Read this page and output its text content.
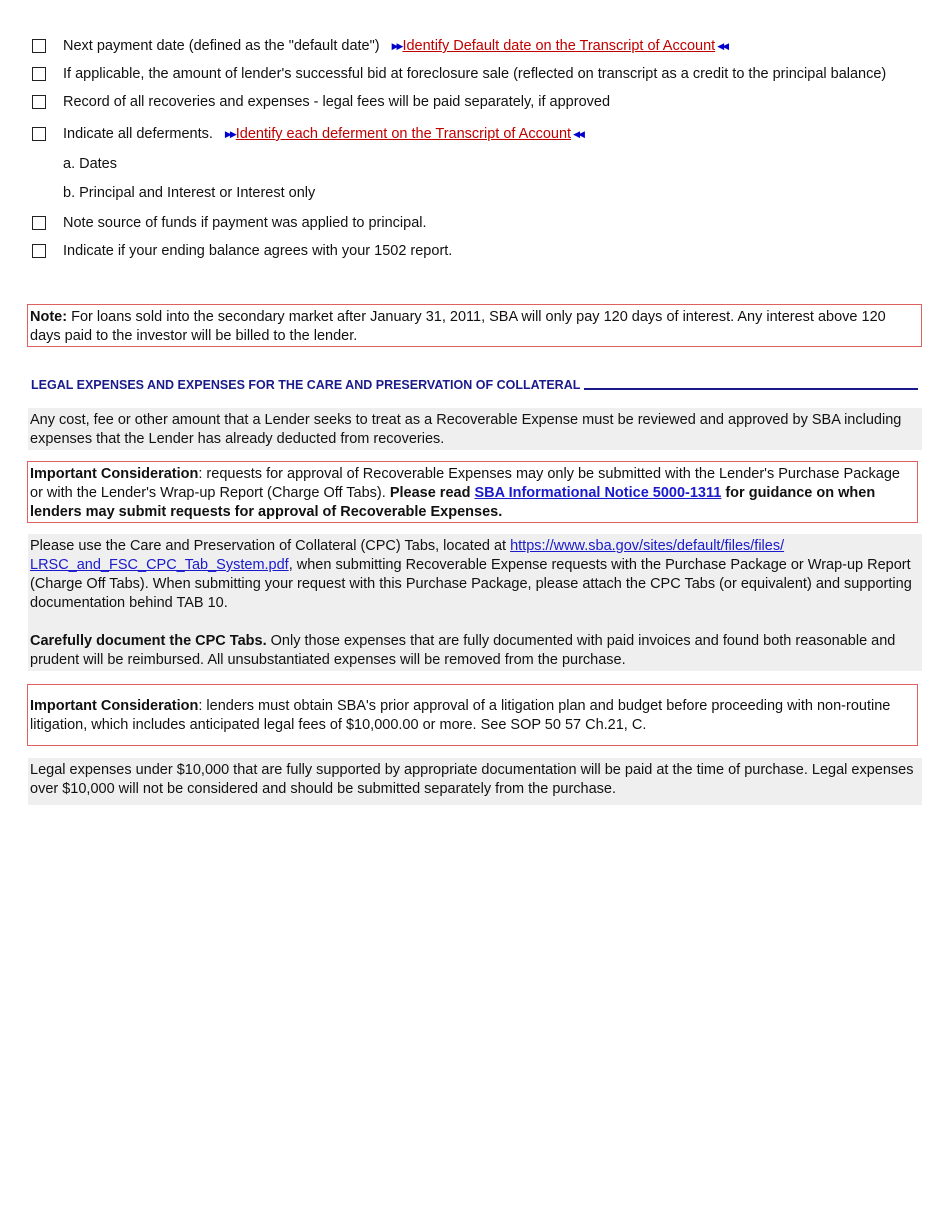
Next payment date (defined as the "default date") ▶▶ Identify Default date on the Transcript of Account ◀◀
If applicable, the amount of lender's successful bid at foreclosure sale (reflected on transcript as a credit to the principal balance)
Record of all recoveries and expenses - legal fees will be paid separately, if approved
Indicate all deferments. ▶▶ Identify each deferment on the Transcript of Account ◀◀
a. Dates
b. Principal and Interest or Interest only
Note source of funds if payment was applied to principal.
Indicate if your ending balance agrees with your 1502 report.
Note: For loans sold into the secondary market after January 31, 2011, SBA will only pay 120 days of interest. Any interest above 120 days paid to the investor will be billed to the lender.
LEGAL EXPENSES AND EXPENSES FOR THE CARE AND PRESERVATION OF COLLATERAL
Any cost, fee or other amount that a Lender seeks to treat as a Recoverable Expense must be reviewed and approved by SBA including expenses that the Lender has already deducted from recoveries.
Important Consideration: requests for approval of Recoverable Expenses may only be submitted with the Lender's Purchase Package or with the Lender's Wrap-up Report (Charge Off Tabs). Please read SBA Informational Notice 5000-1311 for guidance on when lenders may submit requests for approval of Recoverable Expenses.
Please use the Care and Preservation of Collateral (CPC) Tabs, located at https://www.sba.gov/sites/default/files/files/
LRSC_and_FSC_CPC_Tab_System.pdf, when submitting Recoverable Expense requests with the Purchase Package or Wrap-up Report (Charge Off Tabs). When submitting your request with this Purchase Package, please attach the CPC Tabs (or equivalent) and supporting documentation behind TAB 10.
Carefully document the CPC Tabs. Only those expenses that are fully documented with paid invoices and found both reasonable and prudent will be reimbursed. All unsubstantiated expenses will be removed from the purchase.
Important Consideration: lenders must obtain SBA's prior approval of a litigation plan and budget before proceeding with non-routine litigation, which includes anticipated legal fees of $10,000.00 or more. See SOP 50 57 Ch.21, C.
Legal expenses under $10,000 that are fully supported by appropriate documentation will be paid at the time of purchase. Legal expenses over $10,000 will not be considered and should be submitted separately from the purchase.
